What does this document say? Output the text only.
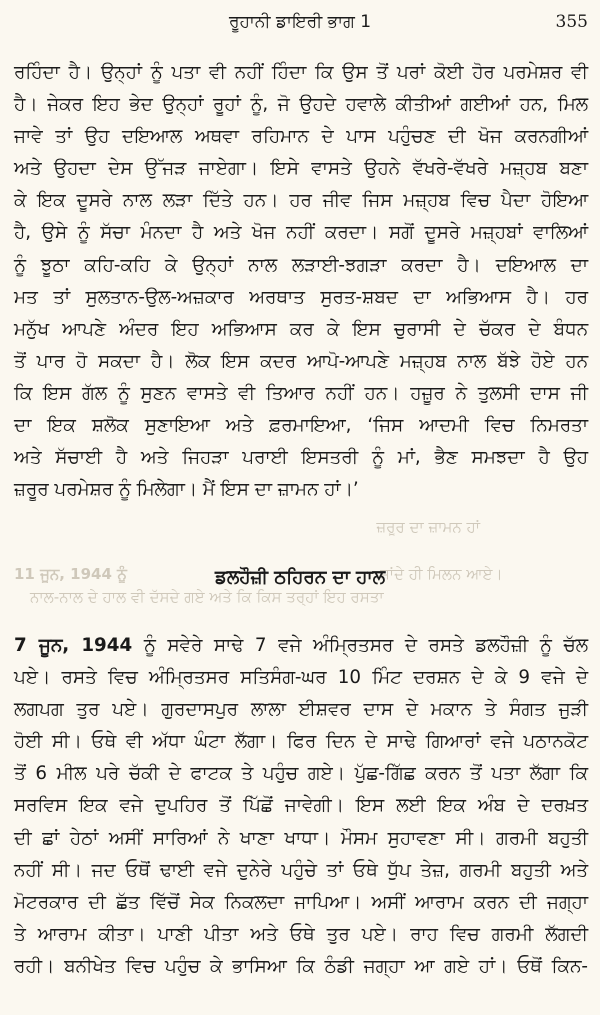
ਰੂਹਾਨੀ ਡਾਇਰੀ ਭਾਗ 1	355
ਰਹਿੰਦਾ ਹੈ। ਉਨ੍ਹਾਂ ਨੂੰ ਪਤਾ ਵੀ ਨਹੀਂ ਹਿੰਦਾ ਕਿ ਉਸ ਤੋਂ ਪਰਾਂ ਕੋਈ ਹੋਰ ਪਰਮੇਸ਼ਰ ਵੀ
ਹੈ। ਜੇਕਰ ਇਹ ਭੇਦ ਉਨ੍ਹਾਂ ਰੂਹਾਂ ਨੂੰ, ਜੋ ਉਹਦੇ ਹਵਾਲੇ ਕੀਤੀਆਂ ਗਈਆਂ ਹਨ, ਮਿਲ
ਜਾਵੇ ਤਾਂ ਉਹ ਦਇਆਲ ਅਥਵਾ ਰਹਿਮਾਨ ਦੇ ਪਾਸ ਪਹੁੰਚਣ ਦੀ ਖੋਜ ਕਰਨਗੀਆਂ
ਅਤੇ ਉਹਦਾ ਦੇਸ ਉੱਜੜ ਜਾਏਗਾ। ਇਸੇ ਵਾਸਤੇ ਉਹਨੇ ਵੱਖਰੇ-ਵੱਖਰੇ ਮਜ਼੍ਹਬ ਬਣਾ
ਕੇ ਇਕ ਦੂਸਰੇ ਨਾਲ ਲੜਾ ਦਿੱਤੇ ਹਨ। ਹਰ ਜੀਵ ਜਿਸ ਮਜ਼੍ਹਬ ਵਿਚ ਪੈਦਾ ਹੋਇਆ
ਹੈ, ਉਸੇ ਨੂੰ ਸੱਚਾ ਮੰਨਦਾ ਹੈ ਅਤੇ ਖੋਜ ਨਹੀਂ ਕਰਦਾ। ਸਗੋਂ ਦੂਸਰੇ ਮਜ਼੍ਹਬਾਂ ਵਾਲਿਆਂ
ਨੂੰ ਝੂਠਾ ਕਹਿ-ਕਹਿ ਕੇ ਉਨ੍ਹਾਂ ਨਾਲ ਲੜਾਈ-ਝਗੜਾ ਕਰਦਾ ਹੈ। ਦਇਆਲ ਦਾ
ਮਤ ਤਾਂ ਸੁਲਤਾਨ-ਉਲ-ਅਜ਼ਕਾਰ ਅਰਥਾਤ ਸੁਰਤ-ਸ਼ਬਦ ਦਾ ਅਭਿਆਸ ਹੈ। ਹਰ
ਮਨੁੱਖ ਆਪਣੇ ਅੰਦਰ ਇਹ ਅਭਿਆਸ ਕਰ ਕੇ ਇਸ ਚੁਰਾਸੀ ਦੇ ਚੱਕਰ ਦੇ ਬੰਧਨ
ਤੋਂ ਪਾਰ ਹੋ ਸਕਦਾ ਹੈ। ਲੋਕ ਇਸ ਕਦਰ ਆਪੋ-ਆਪਣੇ ਮਜ਼੍ਹਬ ਨਾਲ ਬੱਝੇ ਹੋਏ ਹਨ
ਕਿ ਇਸ ਗੱਲ ਨੂੰ ਸੁਣਨ ਵਾਸਤੇ ਵੀ ਤਿਆਰ ਨਹੀਂ ਹਨ। ਹਜ਼ੂਰ ਨੇ ਤੁਲਸੀ ਦਾਸ ਜੀ
ਦਾ ਇਕ ਸ਼ਲੋਕ ਸੁਣਾਇਆ ਅਤੇ ਫ਼ਰਮਾਇਆ, ‘ਜਿਸ ਆਦਮੀ ਵਿਚ ਨਿਮਰਤਾ
ਅਤੇ ਸੱਚਾਈ ਹੈ ਅਤੇ ਜਿਹੜਾ ਪਰਾਈ ਇਸਤਰੀ ਨੂੰ ਮਾਂ, ਭੈਣ ਸਮਝਦਾ ਹੈ ਉਹ
ਜ਼ਰੂਰ ਪਰਮੇਸ਼ਰ ਨੂੰ ਮਿਲੇਗਾ। ਮੈਂ ਇਸ ਦਾ ਜ਼ਾਮਨ ਹਾਂ।’
ਜ਼ਰੂਰ ਦਾ ਜ਼ਾਮਨ ਹਾਂ
11 ਜੂਨ, 1944 ਨੂੰ	ਜਾਂਦੇ ਹੀ ਮਿਲਨ ਆਏ।
ਨਾਲ-ਨਾਲ ਦੇ ਹਾਲ ਵੀ ਦੱਸਦੇ ਗਏ ਅਤੇ ਕਿ ਕਿਸ ਤਰ੍ਹਾਂ ਇਹ ਰਸਤਾ
ਡਲਹੌਜ਼ੀ ਠਹਿਰਨ ਦਾ ਹਾਲ
7 ਜੂਨ, 1944 ਨੂੰ ਸਵੇਰੇ ਸਾਢੇ 7 ਵਜੇ ਅੰਮ੍ਰਿਤਸਰ ਦੇ ਰਸਤੇ ਡਲਹੌਜ਼ੀ ਨੂੰ ਚੱਲ
ਪਏ। ਰਸਤੇ ਵਿਚ ਅੰਮ੍ਰਿਤਸਰ ਸਤਿਸੰਗ-ਘਰ 10 ਮਿੰਟ ਦਰਸ਼ਨ ਦੇ ਕੇ 9 ਵਜੇ ਦੇ
ਲਗਪਗ ਤੁਰ ਪਏ। ਗੁਰਦਾਸਪੁਰ ਲਾਲਾ ਈਸ਼ਵਰ ਦਾਸ ਦੇ ਮਕਾਨ ਤੇ ਸੰਗਤ ਜੁੜੀ
ਹੋਈ ਸੀ। ਓਥੇ ਵੀ ਅੱਧਾ ਘੰਟਾ ਲੱਗਾ। ਫਿਰ ਦਿਨ ਦੇ ਸਾਢੇ ਗਿਆਰਾਂ ਵਜੇ ਪਠਾਨਕੋਟ
ਤੋਂ 6 ਮੀਲ ਪਰੇ ਚੱਕੀ ਦੇ ਫਾਟਕ ਤੇ ਪਹੁੰਚ ਗਏ। ਪੁੱਛ-ਗਿੱਛ ਕਰਨ ਤੋਂ ਪਤਾ ਲੱਗਾ ਕਿ
ਸਰਵਿਸ ਇਕ ਵਜੇ ਦੁਪਹਿਰ ਤੋਂ ਪਿੱਛੋਂ ਜਾਵੇਗੀ। ਇਸ ਲਈ ਇਕ ਅੰਬ ਦੇ ਦਰਖ਼ਤ
ਦੀ ਛਾਂ ਹੇਠਾਂ ਅਸੀਂ ਸਾਰਿਆਂ ਨੇ ਖਾਣਾ ਖਾਧਾ। ਮੌਸਮ ਸੁਹਾਵਣਾ ਸੀ। ਗਰਮੀ ਬਹੁਤੀ
ਨਹੀਂ ਸੀ। ਜਦ ਓਥੋਂ ਢਾਈ ਵਜੇ ਦੁਨੇਰੇ ਪਹੁੰਚੇ ਤਾਂ ਓਥੇ ਧੁੱਪ ਤੇਜ਼, ਗਰਮੀ ਬਹੁਤੀ ਅਤੇ
ਮੋਟਰਕਾਰ ਦੀ ਛੱਤ ਵਿੱਚੋਂ ਸੇਕ ਨਿਕਲਦਾ ਜਾਪਿਆ। ਅਸੀਂ ਆਰਾਮ ਕਰਨ ਦੀ ਜਗ੍ਹਾ
ਤੇ ਆਰਾਮ ਕੀਤਾ। ਪਾਣੀ ਪੀਤਾ ਅਤੇ ਓਥੇ ਤੁਰ ਪਏ। ਰਾਹ ਵਿਚ ਗਰਮੀ ਲੱਗਦੀ
ਰਹੀ। ਬਨੀਖੇਤ ਵਿਚ ਪਹੁੰਚ ਕੇ ਭਾਸਿਆ ਕਿ ਠੰਡੀ ਜਗ੍ਹਾ ਆ ਗਏ ਹਾਂ। ਓਥੋਂ ਕਿਨ-
